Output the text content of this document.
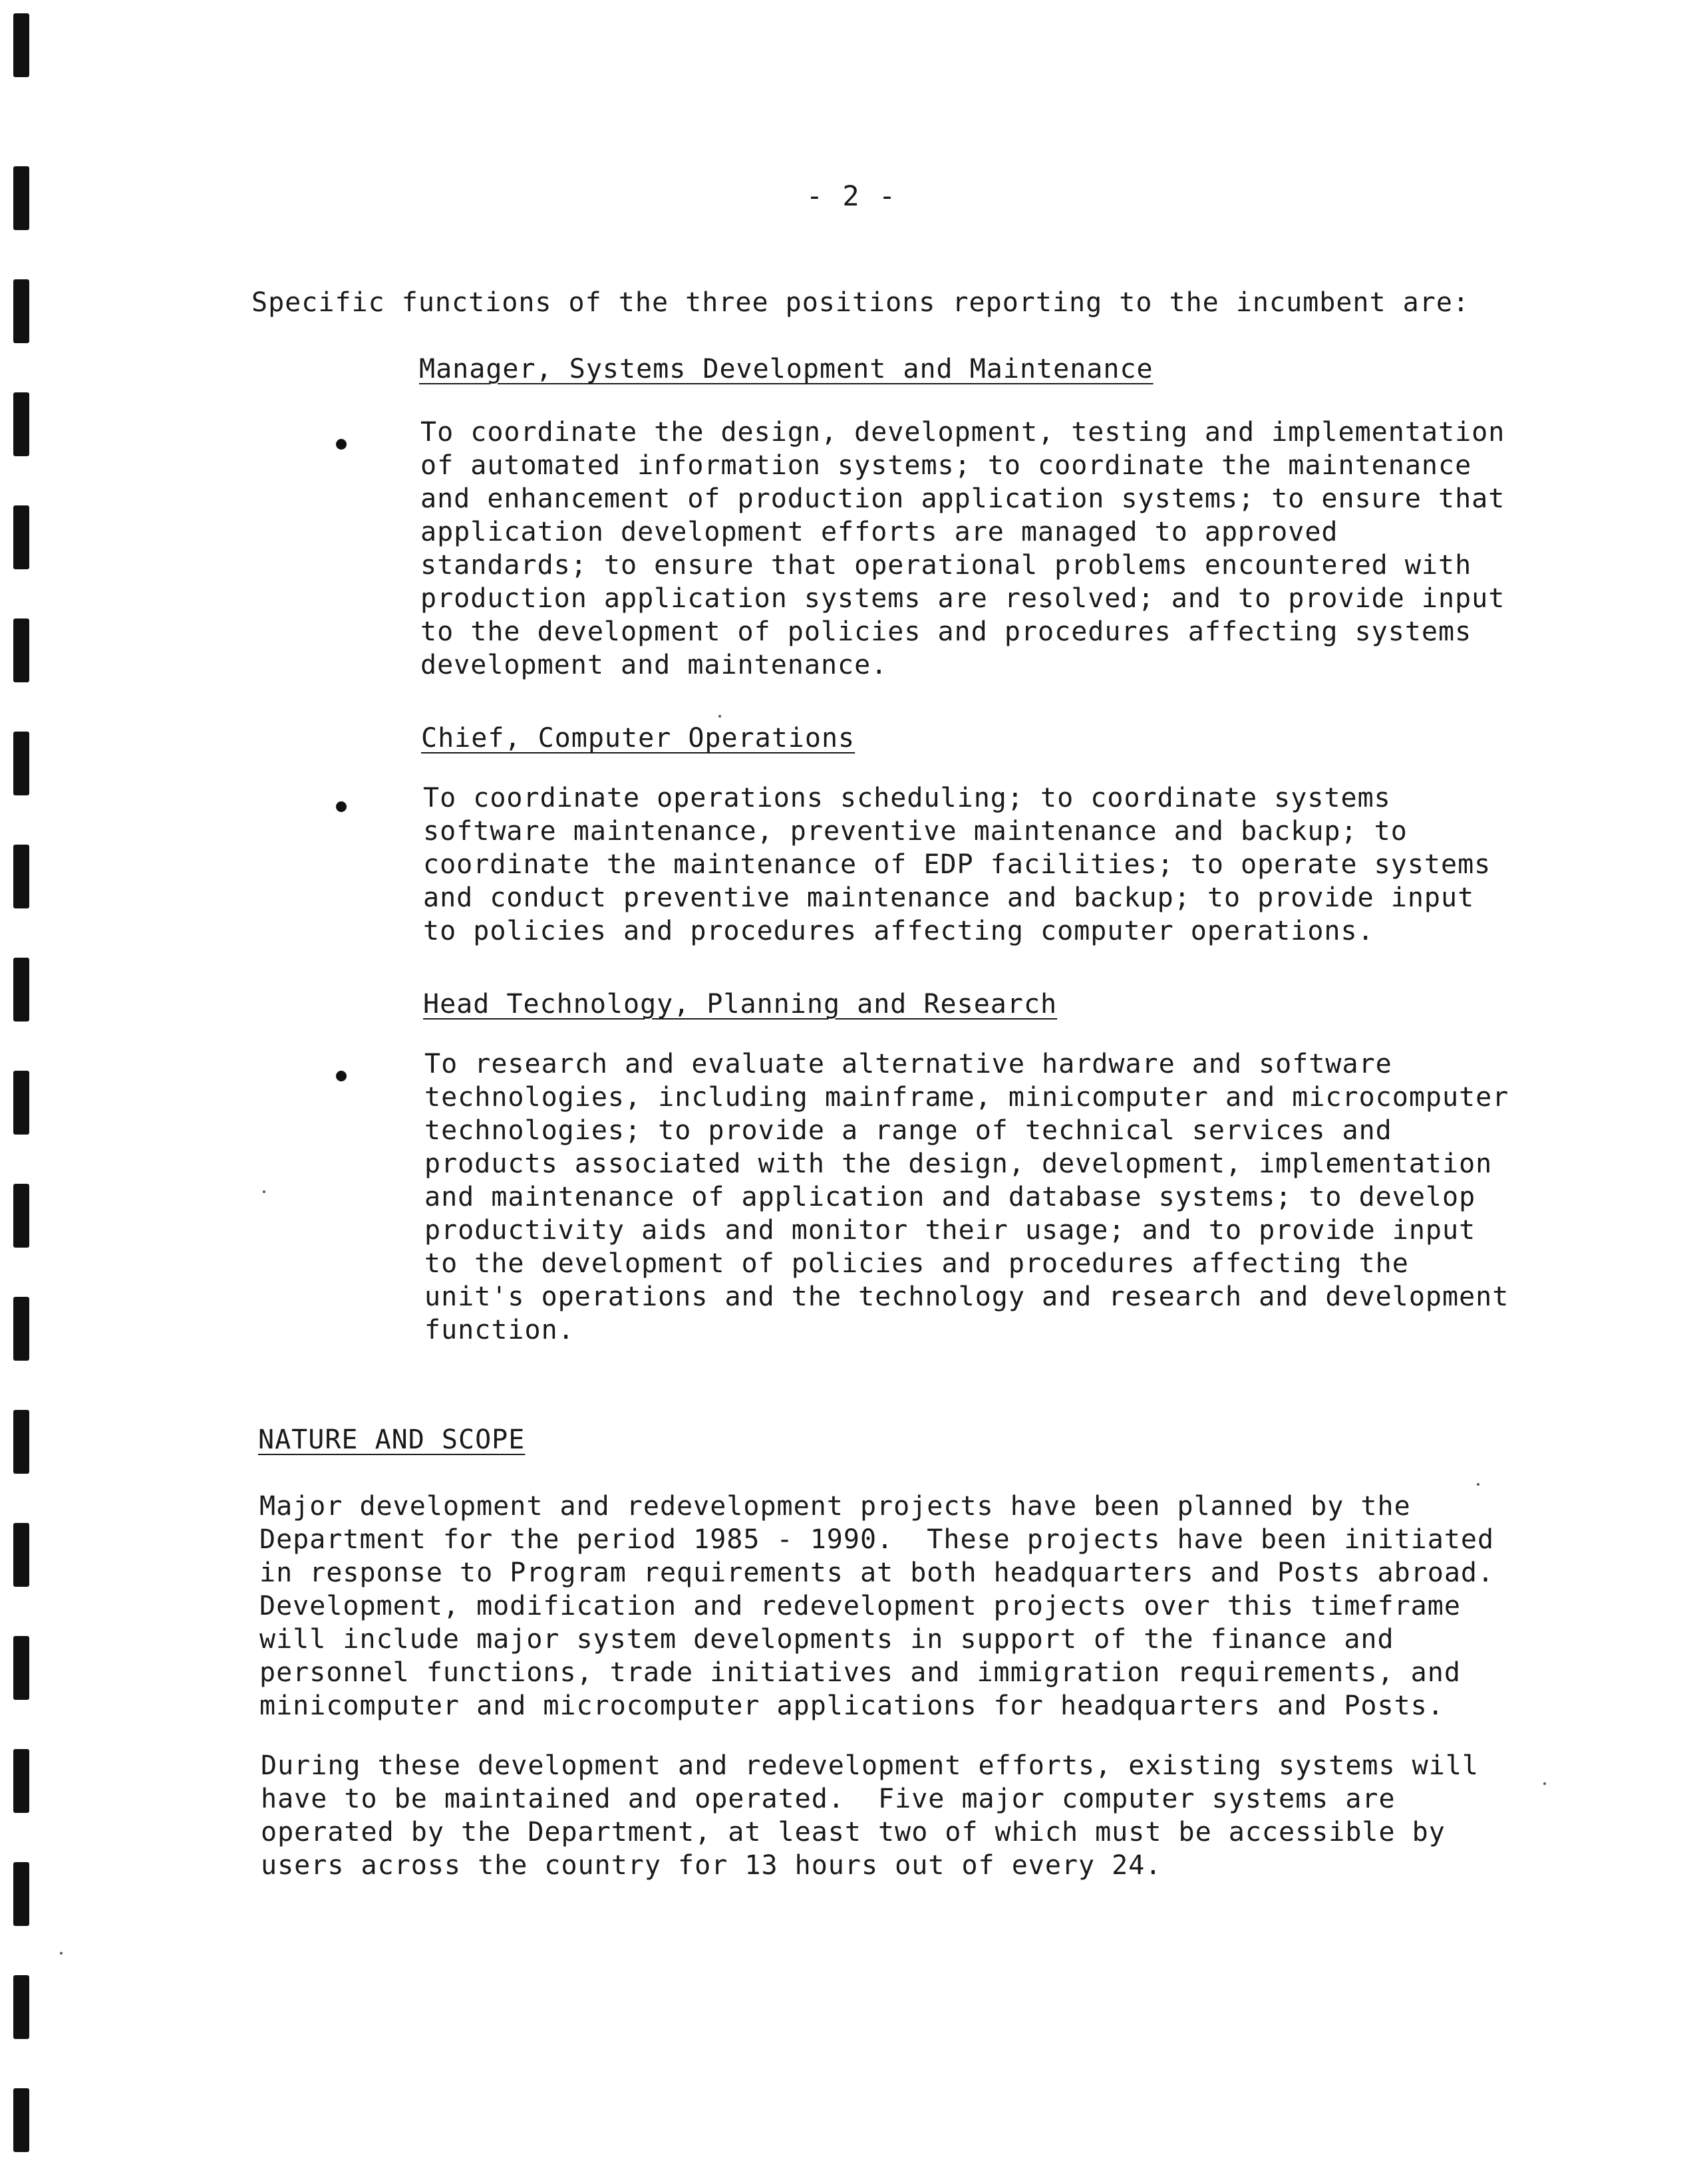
- 2 -
Specific functions of the three positions reporting to the incumbent are:
Manager, Systems Development and Maintenance
To coordinate the design, development, testing and implementation
of automated information systems; to coordinate the maintenance
and enhancement of production application systems; to ensure that
application development efforts are managed to approved
standards; to ensure that operational problems encountered with
production application systems are resolved; and to provide input
to the development of policies and procedures affecting systems
development and maintenance.
Chief, Computer Operations
To coordinate operations scheduling; to coordinate systems
software maintenance, preventive maintenance and backup; to
coordinate the maintenance of EDP facilities; to operate systems
and conduct preventive maintenance and backup; to provide input
to policies and procedures affecting computer operations.
Head Technology, Planning and Research
To research and evaluate alternative hardware and software
technologies, including mainframe, minicomputer and microcomputer
technologies; to provide a range of technical services and
products associated with the design, development, implementation
and maintenance of application and database systems; to develop
productivity aids and monitor their usage; and to provide input
to the development of policies and procedures affecting the
unit's operations and the technology and research and development
function.
NATURE AND SCOPE
Major development and redevelopment projects have been planned by the
Department for the period 1985 - 1990.  These projects have been initiated
in response to Program requirements at both headquarters and Posts abroad.
Development, modification and redevelopment projects over this timeframe
will include major system developments in support of the finance and
personnel functions, trade initiatives and immigration requirements, and
minicomputer and microcomputer applications for headquarters and Posts.
During these development and redevelopment efforts, existing systems will
have to be maintained and operated.  Five major computer systems are
operated by the Department, at least two of which must be accessible by
users across the country for 13 hours out of every 24.
